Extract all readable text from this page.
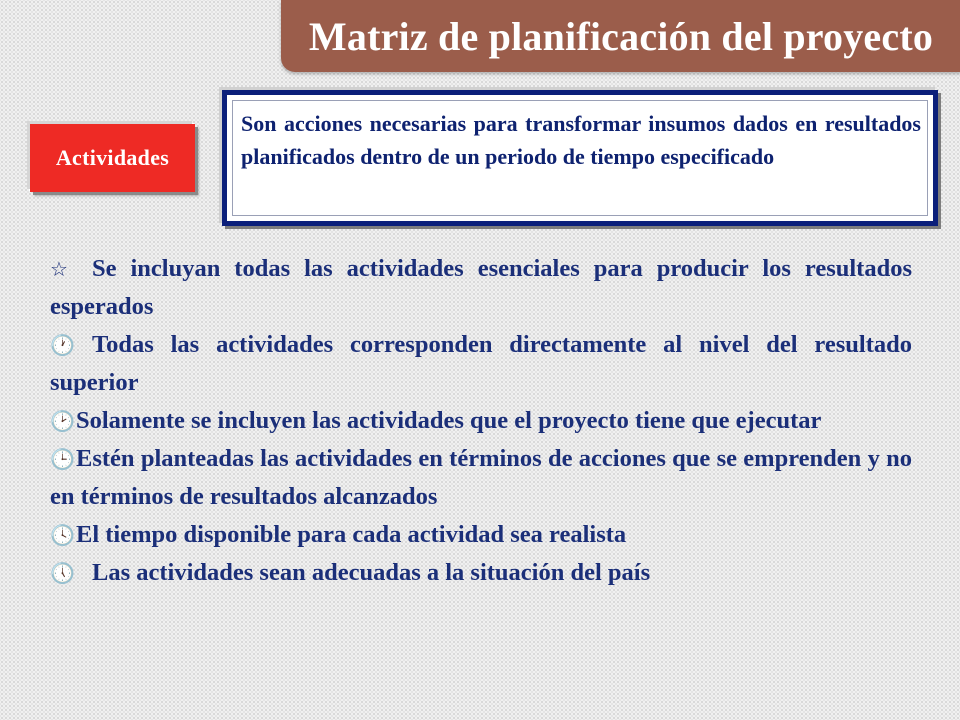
Matriz de planificación del proyecto
Actividades

Son acciones necesarias para transformar insumos dados en resultados planificados dentro de un periodo de tiempo especificado

☆ Se incluyan todas las actividades esenciales para producir los resultados esperados
🕐 Todas las actividades corresponden directamente al nivel del resultado superior
🕑Solamente se incluyen las actividades que el proyecto tiene que ejecutar
🕒Estén planteadas las actividades en términos de acciones que se emprenden y no en términos de resultados alcanzados
🕓El tiempo disponible para cada actividad sea realista
🕔 Las actividades sean adecuadas a la situación del país
